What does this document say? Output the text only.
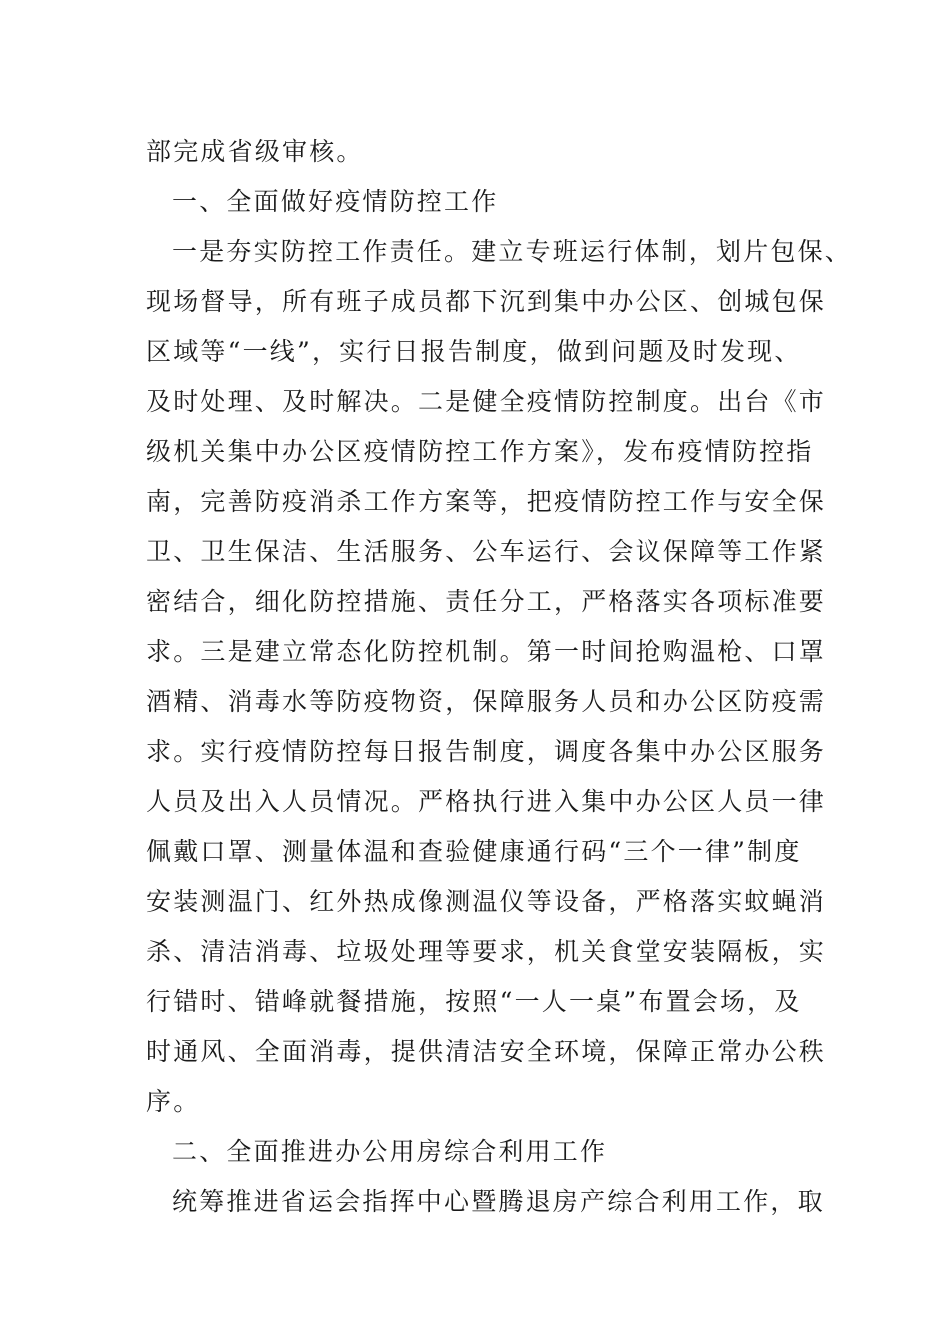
部完成省级审核。
一、全面做好疫情防控工作
一是夯实防控工作责任。建立专班运行体制，划片包保、
现场督导，所有班子成员都下沉到集中办公区、创城包保
区域等“一线”，实行日报告制度，做到问题及时发现、
及时处理、及时解决。二是健全疫情防控制度。出台《市
级机关集中办公区疫情防控工作方案》，发布疫情防控指
南，完善防疫消杀工作方案等，把疫情防控工作与安全保
卫、卫生保洁、生活服务、公车运行、会议保障等工作紧
密结合，细化防控措施、责任分工，严格落实各项标准要
求。三是建立常态化防控机制。第一时间抢购温枪、口罩
酒精、消毒水等防疫物资，保障服务人员和办公区防疫需
求。实行疫情防控每日报告制度，调度各集中办公区服务
人员及出入人员情况。严格执行进入集中办公区人员一律
佩戴口罩、测量体温和查验健康通行码“三个一律”制度
安装测温门、红外热成像测温仪等设备，严格落实蚊蝇消
杀、清洁消毒、垃圾处理等要求，机关食堂安装隔板，实
行错时、错峰就餐措施，按照“一人一桌”布置会场，及
时通风、全面消毒，提供清洁安全环境，保障正常办公秩
序。
二、全面推进办公用房综合利用工作
统筹推进省运会指挥中心暨腾退房产综合利用工作，取
